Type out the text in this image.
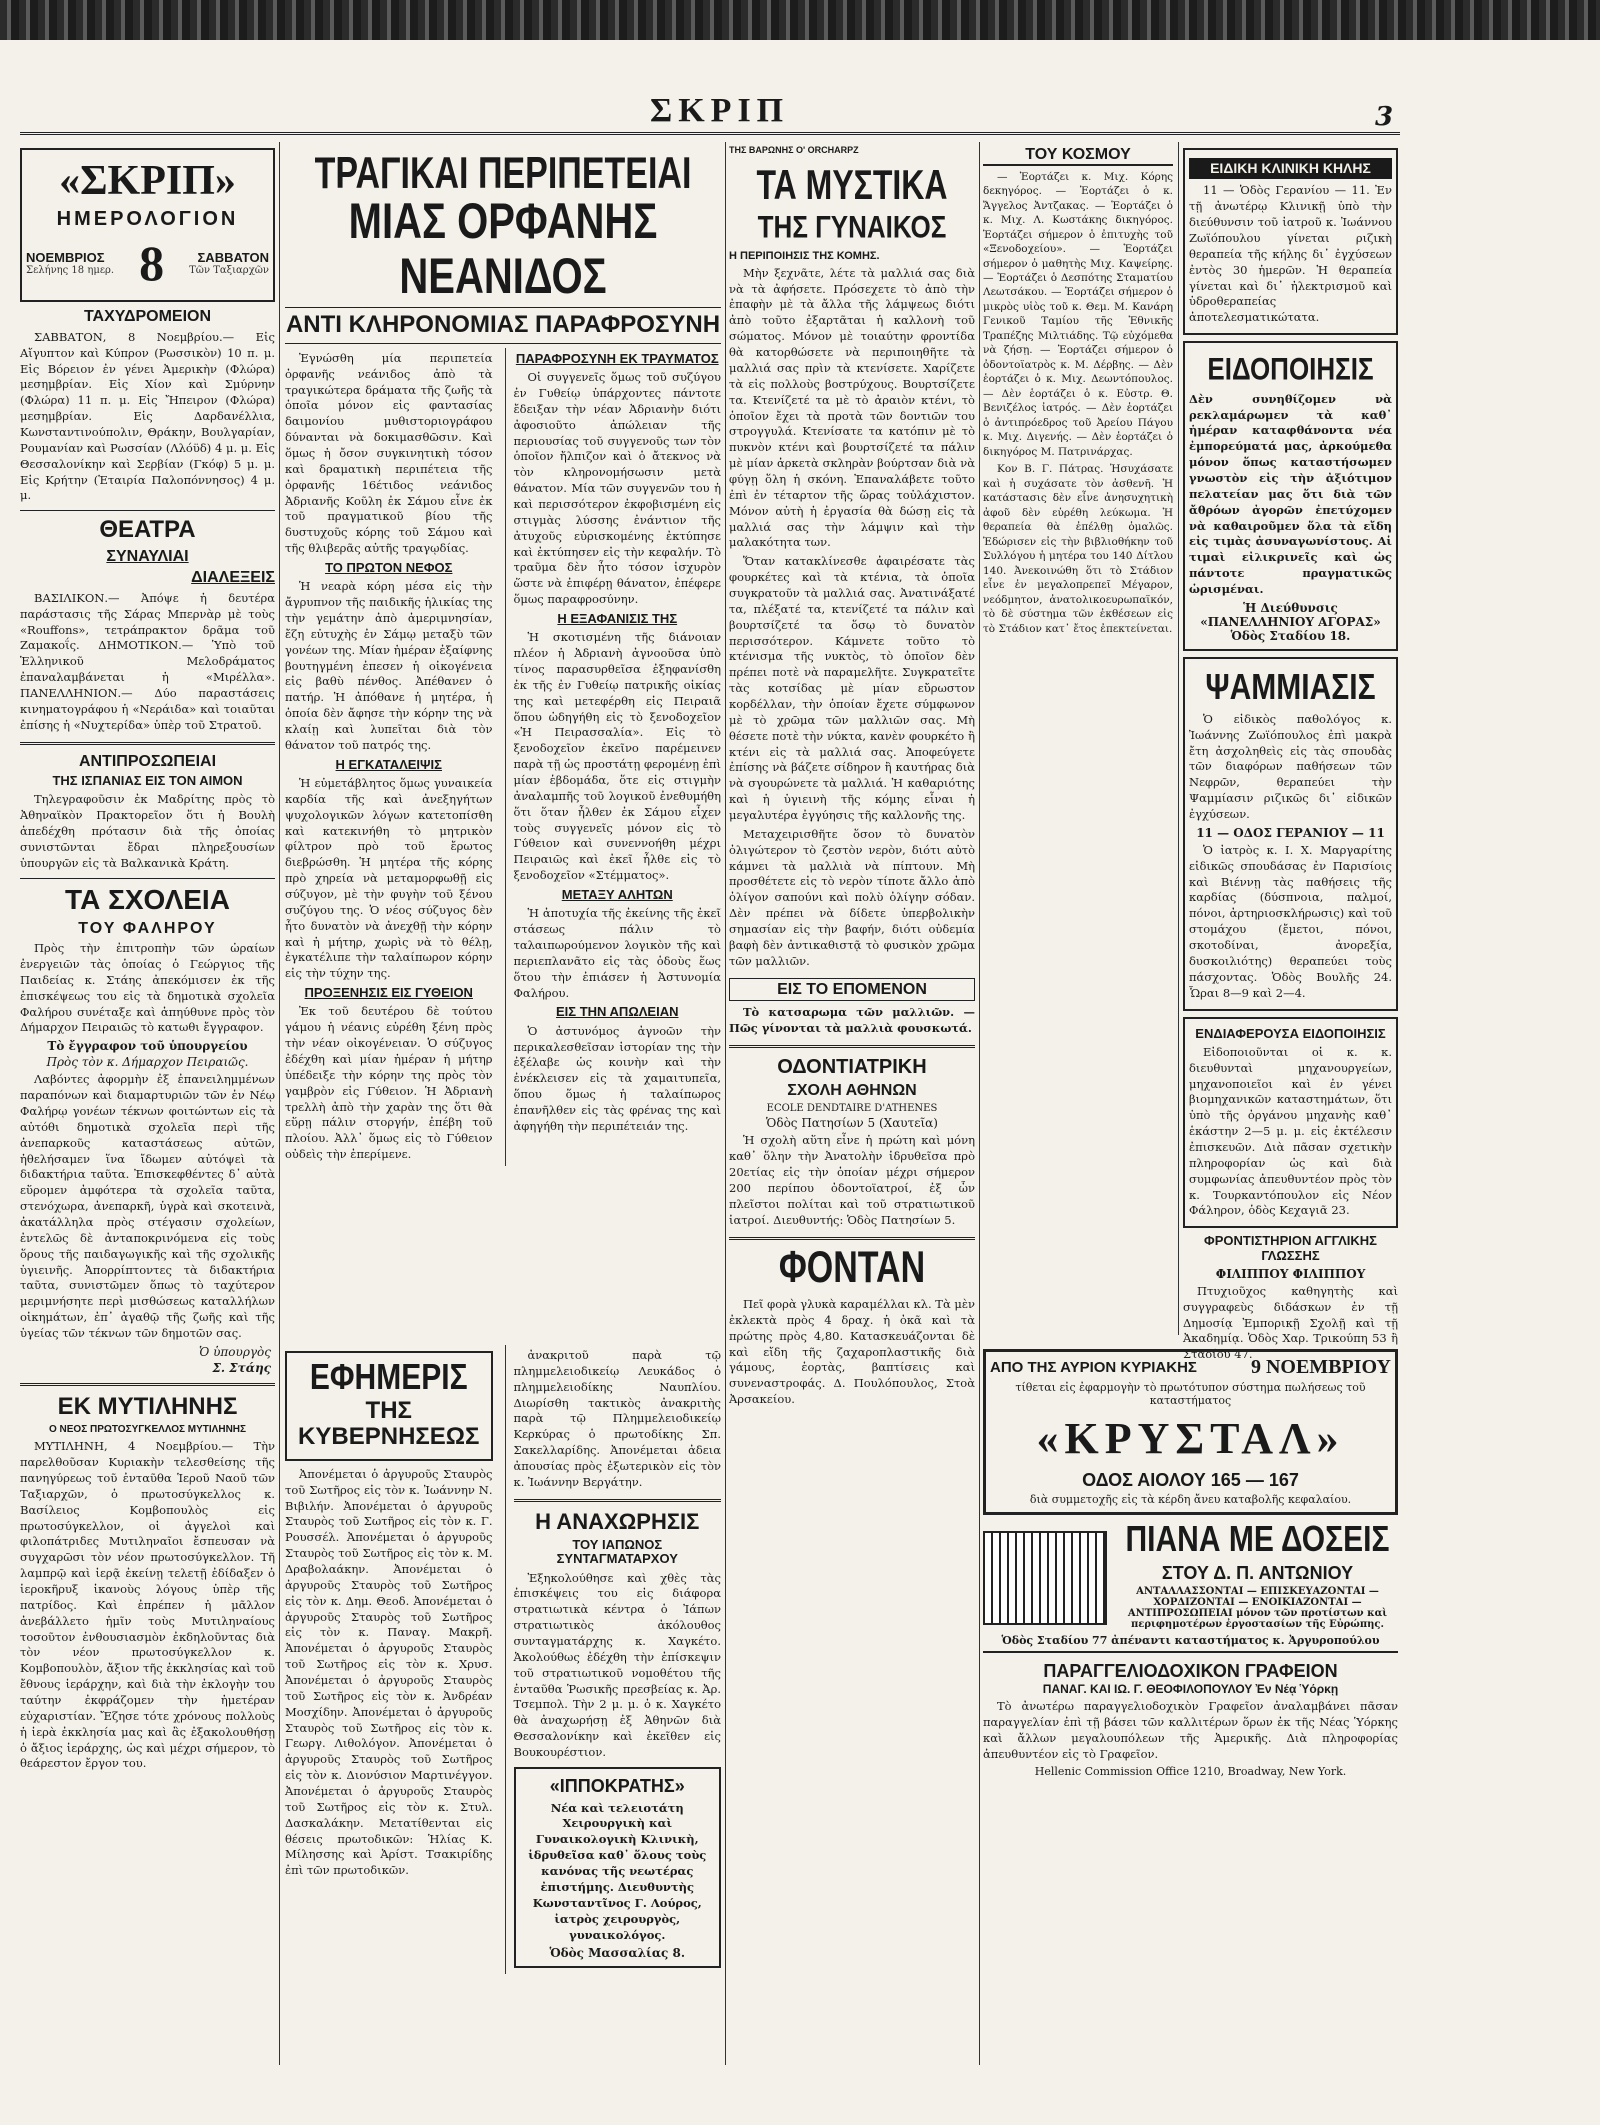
ΣΚΡΙΠ	3
«ΣΚΡΙΠ»
ΗΜΕΡΟΛΟΓΙΟΝ
ΝΟΕΜΒΡΙΟΣ
Σελήνης 18 ημερ. 8	ΣΑΒΒΑΤΟΝ
Τῶν Ταξιαρχῶν
ΤΑΧΥΔΡΟΜΕΙΟΝ
ΣΑΒΒΑΤΟΝ, 8 Νοεμβρίου.— Εἰς Αἴγυπτον καὶ Κύπρον (Ρωσσικὸν) 10 π. μ. Εἰς Βόρειον ἐν γένει Ἀμερικὴν (Φλώρα) μεσημβρίαν. Εἰς Χίον καὶ Σμύρνην (Φλώρα) 11 π. μ. Εἰς Ἤπειρον (Φλώρα) μεσημβρίαν. Εἰς Δαρδανέλλια, Κωνσταντινούπολιν, Θράκην, Βουλγαρίαν, Ρουμανίαν καὶ Ρωσσίαν (Λλόϋδ) 4 μ. μ. Εἰς Θεσσαλονίκην καὶ Σερβίαν (Γκόφ) 5 μ. μ. Εἰς Κρήτην (Ἑταιρία Παλοπόννησος) 4 μ. μ.
ΘΕΑΤΡΑ
ΣΥΝΑΥΛΙΑΙ
ΔΙΑΛΕΞΕΙΣ
ΒΑΣΙΛΙΚΟΝ.— Ἀπόψε ἡ δευτέρα παράστασις τῆς Σάρας Μπερνὰρ μὲ τοὺς «Rouffons», τετράπρακτον δρᾶμα τοῦ Ζαμακοΐς. ΔΗΜΟΤΙΚΟΝ.— Ὑπὸ τοῦ Ἑλληνικοῦ Μελοδράματος ἐπαναλαμβάνεται ἡ «Μιρέλλα». ΠΑΝΕΛΛΗΝΙΟΝ.— Δύο παραστάσεις κινηματογράφου ἡ «Νεράιδα» καὶ τοιαῦται ἐπίσης ἡ «Νυχτερίδα» ὑπὲρ τοῦ Στρατοῦ.
ΑΝΤΙΠΡΟΣΩΠΕΙΑΙ
ΤΗΣ ΙΣΠΑΝΙΑΣ ΕΙΣ ΤΟΝ ΑΙΜΟΝ
Τηλεγραφοῦσιν ἐκ Μαδρίτης πρὸς τὸ Ἀθηναϊκὸν Πρακτορεῖον ὅτι ἡ Βουλὴ ἀπεδέχθη πρότασιν διὰ τῆς ὁποίας συνιστῶνται ἔδραι πληρεξουσίων ὑπουργῶν εἰς τὰ Βαλκανικὰ Κράτη.
ΤΑ ΣΧΟΛΕΙΑ
ΤΟΥ ΦΑΛΗΡΟΥ
Πρὸς τὴν ἐπιτροπὴν τῶν ὡραίων ἐνεργειῶν τὰς ὁποίας ὁ Γεώργιος τῆς Παιδείας κ. Στάης ἀπεκόμισεν ἐκ τῆς ἐπισκέψεως του εἰς τὰ δημοτικὰ σχολεῖα Φαλήρου συνέταξε καὶ ἀπηύθυνε πρὸς τὸν Δήμαρχον Πειραιῶς τὸ κατωθι ἔγγραφον.
Τὸ ἔγγραφον τοῦ ὑπουργείου
Πρὸς τὸν κ. Δήμαρχον Πειραιῶς.
Λαβόντες ἀφορμὴν ἐξ ἐπανειλημμένων παραπόνων καὶ διαμαρτυριῶν τῶν ἐν Νέῳ Φαλήρῳ γονέων τέκνων φοιτώντων εἰς τὰ αὐτόθι δημοτικὰ σχολεῖα περὶ τῆς ἀνεπαρκοῦς καταστάσεως αὐτῶν, ἠθελήσαμεν ἵνα ἴδωμεν αὐτόψεὶ τὰ διδακτήρια ταῦτα. Ἐπισκεφθέντες δ᾽ αὐτὰ εὕρομεν ἀμφότερα τὰ σχολεῖα ταῦτα, στενόχωρα, ἀνεπαρκῆ, ὑγρὰ καὶ σκοτεινὰ, ἀκατάλληλα πρὸς στέγασιν σχολείων, ἐντελῶς δὲ ἀνταποκρινόμενα εἰς τοὺς ὅρους τῆς παιδαγωγικῆς καὶ τῆς σχολικῆς ὑγιεινῆς. Ἀπορρίπτοντες τὰ διδακτήρια ταῦτα, συνιστῶμεν ὅπως τὸ ταχύτερον μεριμνήσητε περὶ μισθώσεως καταλλήλων οἰκημάτων, ἐπ᾽ ἀγαθῷ τῆς ζωῆς καὶ τῆς ὑγείας τῶν τέκνων τῶν δημοτῶν σας.
Ὁ ὑπουργὸς
Σ. Στάης
ΕΚ ΜΥΤΙΛΗΝΗΣ
Ο ΝΕΟΣ ΠΡΩΤΟΣΥΓΚΕΛΛΟΣ ΜΥΤΙΛΗΝΗΣ
ΜΥΤΙΛΗΝΗ, 4 Νοεμβρίου.— Τὴν παρελθοῦσαν Κυριακὴν τελεσθείσης τῆς πανηγύρεως τοῦ ἐνταῦθα Ἱεροῦ Ναοῦ τῶν Ταξιαρχῶν, ὁ πρωτοσύγκελλος κ. Βασίλειος Κομβοπουλὸς εἰς πρωτοσύγκελλον, οἱ ἀγγελοὶ καὶ φιλοπάτριδες Μυτιληναῖοι ἔσπευσαν νὰ συγχαρῶσι τὸν νέον πρωτοσύγκελλον. Τῆ λαμπρῷ καὶ ἱερᾷ ἐκείνῃ τελετῇ ἐδίδαξεν ὁ ἱεροκῆρυξ ἱκανοὺς λόγους ὑπὲρ τῆς πατρίδος. Καὶ ἐπρέπεν ἡ μᾶλλον ἀνεβάλλετο ἡμῖν τοὺς Μυτιληναίους τοσοῦτον ἐνθουσιασμὸν ἐκδηλοῦντας διὰ τὸν νέον πρωτοσύγκελλον κ. Κομβοπουλὸν, ἄξιον τῆς ἐκκλησίας καὶ τοῦ ἔθνους ἱεράρχην, καὶ διὰ τὴν ἐκλογὴν του ταύτην ἐκφράζομεν τὴν ἡμετέραν εὐχαριστίαν. Ἔζησε τότε χρόνους πολλοὺς ἡ ἱερὰ ἐκκλησία μας καὶ ἂς ἐξακολουθήσῃ ὁ ἄξιος ἱεράρχης, ὡς καὶ μέχρι σήμερον, τὸ θεάρεστον ἔργον του.
ΤΡΑΓΙΚΑΙ ΠΕΡΙΠΕΤΕΙΑΙ
ΜΙΑΣ ΟΡΦΑΝΗΣ ΝΕΑΝΙΔΟΣ
ΑΝΤΙ ΚΛΗΡΟΝΟΜΙΑΣ ΠΑΡΑΦΡΟΣΥΝΗ
Ἐγνώσθη μία περιπετεία ὀρφανῆς νεάνιδος ἀπὸ τὰ τραγικώτερα δράματα τῆς ζωῆς τὰ ὁποῖα μόνον εἰς φαντασίας δαιμονίου μυθιστοριογράφου δύνανται νὰ δοκιμασθῶσιν. Καὶ ὅμως ἡ ὄσον συγκινητικὴ τόσον καὶ δραματικὴ περιπέτεια τῆς ὀρφανῆς 16έτιδος νεάνιδος Ἀδριανῆς Κοῦλη ἐκ Σάμου εἶνε ἐκ τοῦ πραγματικοῦ βίου τῆς δυστυχοῦς κόρης τοῦ Σάμου καὶ τῆς θλιβερᾶς αὐτῆς τραγῳδίας.
ΤΟ ΠΡΩΤΟΝ ΝΕΦΟΣ
Ἡ νεαρὰ κόρη μέσα εἰς τὴν ἄγρυπνον τῆς παιδικῆς ἡλικίας της τὴν γεμάτην ἀπὸ ἀμεριμνησίαν, ἔζη εὐτυχὴς ἐν Σάμῳ μεταξὺ τῶν γονέων της. Μίαν ἡμέραν ἐξαίφνης βουτηγμένη ἐπεσεν ἡ οἰκογένεια εἰς βαθὺ πένθος. Ἀπέθανεν ὁ πατήρ. Ἡ ἀπόθανε ἡ μητέρα, ἡ ὁποία δὲν ἄφησε τὴν κόρην της νὰ κλαίῃ καὶ λυπεῖται διὰ τὸν θάνατον τοῦ πατρός της.
Η ΕΓΚΑΤΑΛΕΙΨΙΣ
Ἡ εὐμετάβλητος ὅμως γυναικεία καρδία τῆς καὶ ἀνεξηγήτων ψυχολογικῶν λόγων κατετοπίσθη καὶ κατεκινήθη τὸ μητρικὸν φίλτρον πρὸ τοῦ ἔρωτος διεβρώσθη. Ἡ μητέρα τῆς κόρης πρὸ χηρεία νὰ μεταμορφωθῇ εἰς σύζυγον, μὲ τὴν φυγὴν τοῦ ξένου συζύγου της. Ὁ νέος σύζυγος δὲν ἦτο δυνατὸν νὰ ἀνεχθῇ τὴν κόρην καὶ ἡ μήτηρ, χωρὶς νὰ τὸ θέλῃ, ἐγκατέλιπε τὴν ταλαίπωρον κόρην εἰς τὴν τύχην της.
ΠΡΟΞΕΝΗΣΙΣ ΕΙΣ ΓΥΘΕΙΟΝ
Ἐκ τοῦ δευτέρου δὲ τούτου γάμου ἡ νέανις εὐρέθη ξένη πρὸς τὴν νέαν οἰκογένειαν. Ὁ σύζυγος ἐδέχθη καὶ μίαν ἡμέραν ἡ μήτηρ ὑπέδειξε τὴν κόρην της πρὸς τὸν γαμβρὸν εἰς Γύθειον. Ἡ Ἀδριανὴ τρελλὴ ἀπὸ τὴν χαρὰν της ὅτι θὰ εὕρῃ πάλιν στοργήν, ἐπέβη τοῦ πλοίου. Ἀλλ᾽ ὅμως εἰς τὸ Γύθειον οὐδεὶς τὴν ἐπερίμενε.
ΠΑΡΑΦΡΟΣΥΝΗ ΕΚ ΤΡΑΥΜΑΤΟΣ
Οἱ συγγενεῖς ὅμως τοῦ συζύγου ἐν Γυθείῳ ὑπάρχοντες πάντοτε ἔδειξαν τὴν νέαν Ἀδριανὴν διότι ἀφοσιοῦτο ἀπώλειαν τῆς περιουσίας τοῦ συγγενοῦς των τὸν ὁποῖον ἤλπιζον καὶ ὁ ἄτεκνος νὰ τὸν κληρονομήσωσιν μετὰ θάνατον. Μία τῶν συγγενῶν του ἡ καὶ περισσότερον ἐκφοβισμένη εἰς στιγμὰς λύσσης ἐνάντιον τῆς ἀτυχοῦς εὐρισκομένης ἐκτύπησε καὶ ἐκτύπησεν εἰς τὴν κεφαλήν. Τὸ τραῦμα δὲν ἦτο τόσον ἰσχυρὸν ὥστε νὰ ἐπιφέρῃ θάνατον, ἐπέφερε ὅμως παραφροσύνην.
Η ΕΞΑΦΑΝΙΣΙΣ ΤΗΣ
Ἡ σκοτισμένη τῆς διάνοιαν πλέον ἡ Ἀδριανὴ ἀγνοοῦσα ὑπὸ τίνος παρασυρθεῖσα ἐξηφανίσθη ἐκ τῆς ἐν Γυθείῳ πατρικῆς οἰκίας της καὶ μετεφέρθη εἰς Πειραιᾶ ὅπου ὡδηγήθη εἰς τὸ ξενοδοχεῖον «Ἡ Πειρασσαλία». Εἰς τὸ ξενοδοχεῖον ἐκεῖνο παρέμεινεν παρὰ τῇ ὡς προστάτῃ φερομένῃ ἐπὶ μίαν ἑβδομάδα, ὅτε εἰς στιγμὴν ἀναλαμπῆς τοῦ λογικοῦ ἐνεθυμήθη ὅτι ὅταν ἦλθεν ἐκ Σάμου εἶχεν τοὺς συγγενεῖς μόνον εἰς τὸ Γύθειον καὶ συνεννοήθη μέχρι Πειραιῶς καὶ ἐκεῖ ἦλθε εἰς τὸ ξενοδοχεῖον «Στέμματος».
ΜΕΤΑΞΥ ΑΛΗΤΩΝ
Ἡ ἀποτυχία τῆς ἐκείνης τῆς ἐκεῖ στάσεως πάλιν τὸ ταλαιπωρούμενον λογικὸν τῆς καὶ περιεπλανᾶτο εἰς τὰς ὁδοὺς ἕως ὅτου τὴν ἐπιάσεν ἡ Ἀστυνομία Φαλήρου.
ΕΙΣ ΤΗΝ ΑΠΩΛΕΙΑΝ
Ὁ ἀστυνόμος ἀγνοῶν τὴν περικαλεσθεῖσαν ἱστορίαν της τὴν ἐξέλαβε ὡς κοινὴν καὶ τὴν ἐνέκλεισεν εἰς τὰ χαμαιτυπεῖα, ὅπου ὅμως ἡ ταλαίπωρος ἐπανῆλθεν εἰς τὰς φρένας της καὶ ἀφηγήθη τὴν περιπέτειάν της.
ΕΦΗΜΕΡΙΣ
ΤΗΣ ΚΥΒΕΡΝΗΣΕΩΣ
Ἀπονέμεται ὁ ἀργυροῦς Σταυρὸς τοῦ Σωτῆρος εἰς τὸν κ. Ἰωάννην Ν. Βιβιλήν. Ἀπονέμεται ὁ ἀργυροῦς Σταυρὸς τοῦ Σωτῆρος εἰς τὸν κ. Γ. Ρουσσέλ. Ἀπονέμεται ὁ ἀργυροῦς Σταυρὸς τοῦ Σωτῆρος εἰς τὸν κ. Μ. Δραβολαάκην. Ἀπονέμεται ὁ ἀργυροῦς Σταυρὸς τοῦ Σωτῆρος εἰς τὸν κ. Δημ. Θεοδ. Ἀπονέμεται ὁ ἀργυροῦς Σταυρὸς τοῦ Σωτῆρος εἰς τὸν κ. Παναγ. Μακρῆ. Ἀπονέμεται ὁ ἀργυροῦς Σταυρὸς τοῦ Σωτῆρος εἰς τὸν κ. Χρυσ. Ἀπονέμεται ὁ ἀργυροῦς Σταυρὸς τοῦ Σωτῆρος εἰς τὸν κ. Ἀνδρέαν Μοσχίδην. Ἀπονέμεται ὁ ἀργυροῦς Σταυρὸς τοῦ Σωτῆρος εἰς τὸν κ. Γεωργ. Λιθολόγον. Ἀπονέμεται ὁ ἀργυροῦς Σταυρὸς τοῦ Σωτῆρος εἰς τὸν κ. Διονύσιον Μαρτινέγγον. Ἀπονέμεται ὁ ἀργυροῦς Σταυρὸς τοῦ Σωτῆρος εἰς τὸν κ. Στυλ. Δασκαλάκην. Μετατίθενται εἰς θέσεις πρωτοδικῶν: Ἡλίας Κ. Μίλησσης καὶ Ἀρίστ. Τσακιρίδης ἐπὶ τῶν πρωτοδικῶν.
ἀνακριτοῦ παρὰ τῷ πλημμελειοδικείῳ Λευκάδος ὁ πλημμελειοδίκης Ναυπλίου. Διωρίσθη τακτικὸς ἀνακριτὴς παρὰ τῷ Πλημμελειοδικείῳ Κερκύρας ὁ πρωτοδίκης Σπ. Σακελλαρίδης. Ἀπονέμεται ἀδεια ἀπουσίας πρὸς ἐξωτερικὸν εἰς τὸν κ. Ἰωάννην Βεργάτην.
Η ΑΝΑΧΩΡΗΣΙΣ
ΤΟΥ ΙΑΠΩΝΟΣ ΣΥΝΤΑΓΜΑΤΑΡΧΟΥ
Ἐξηκολούθησε καὶ χθὲς τὰς ἐπισκέψεις του εἰς διάφορα στρατιωτικὰ κέντρα ὁ Ἰάπων στρατιωτικὸς ἀκόλουθος συνταγματάρχης κ. Χαγκέτο. Ἀκολούθως ἐδέχθη τὴν ἐπίσκεψιν τοῦ στρατιωτικοῦ νομοθέτου τῆς ἐνταῦθα Ῥωσικῆς πρεσβείας κ. Ἀρ. Τσεμπολ. Τὴν 2 μ. μ. ὁ κ. Χαγκέτο θὰ ἀναχωρήσῃ ἐξ Ἀθηνῶν διὰ Θεσσαλονίκην καὶ ἐκεῖθεν εἰς Βουκουρέστιον.
«ΙΠΠΟΚΡΑΤΗΣ»
Νέα καὶ τελειοτάτη Χειρουργικὴ καὶ Γυναικολογικὴ Κλινικὴ, ἱδρυθεῖσα καθ᾽ ὅλους τοὺς κανόνας τῆς νεωτέρας ἐπιστήμης. Διευθυντὴς Κωνσταντῖνος Γ. Λούρος, ἰατρὸς χειρουργὸς, γυναικολόγος.
Ὁδὸς Μασσαλίας 8.
ΤΗΣ ΒΑΡΩΝΗΣ Ο' ORCHARPZ
ΤΑ ΜΥΣΤΙΚΑ
ΤΗΣ ΓΥΝΑΙΚΟΣ
Η ΠΕΡΙΠΟΙΗΣΙΣ ΤΗΣ ΚΟΜΗΣ.
Μὴν ξεχνᾶτε, λέτε τὰ μαλλιά σας διὰ νὰ τὰ ἀφήσετε. Πρόσεχετε τὸ ἀπὸ τὴν ἐπαφὴν μὲ τὰ ἄλλα τῆς λάμψεως διότι ἀπὸ τοῦτο ἐξαρτᾶται ἡ καλλονὴ τοῦ σώματος. Μόνον μὲ τοιαύτην φροντίδα θὰ κατορθώσετε νὰ περιποιηθῆτε τὰ μαλλιά σας πρὶν τὰ κτενίσετε. Χαρίζετε τὰ εἰς πολλοὺς βοστρύχους. Βουρτσίζετε τα. Κτενίζετέ τα μὲ τὸ ἀραιὸν κτένι, τὸ ὁποῖον ἔχει τὰ προτὰ τῶν δοντιῶν του στρογγυλά. Κτενίσατε τα κατόπιν μὲ τὸ πυκνὸν κτένι καὶ βουρτσίζετέ τα πάλιν μὲ μίαν ἀρκετὰ σκληρὰν βούρτσαν διὰ νὰ φύγῃ ὅλη ἡ σκόνη. Ἐπαναλάβετε τοῦτο ἐπὶ ἐν τέταρτον τῆς ὥρας τοὐλάχιστον. Μόνον αὐτὴ ἡ ἐργασία θὰ δώσῃ εἰς τὰ μαλλιά σας τὴν λάμψιν καὶ τὴν μαλακότητα των.
Ὅταν κατακλίνεσθε ἀφαιρέσατε τὰς φουρκέτες καὶ τὰ κτένια, τὰ ὁποῖα συγκρατοῦν τὰ μαλλιά σας. Ἀνατινάξατέ τα, πλέξατέ τα, κτενίζετέ τα πάλιν καὶ βουρτσίζετέ τα ὅσῳ τὸ δυνατὸν περισσότερον. Κάμνετε τοῦτο τὸ κτένισμα τῆς νυκτὸς, τὸ ὁποῖον δὲν πρέπει ποτὲ νὰ παραμελῆτε. Συγκρατεῖτε τὰς κοτσίδας μὲ μίαν εὔρωστον κορδέλλαν, τὴν ὁποίαν ἔχετε σύμφωνον μὲ τὸ χρῶμα τῶν μαλλιῶν σας. Μὴ θέσετε ποτὲ τὴν νύκτα, κανὲν φουρκέτο ἢ κτένι εἰς τὰ μαλλιά σας. Ἀποφεύγετε ἐπίσης νὰ βάζετε σίδηρον ἢ καυτήρας διὰ νὰ σγουρώνετε τὰ μαλλιά. Ἡ καθαριότης καὶ ἡ ὑγιεινὴ τῆς κόμης εἶναι ἡ μεγαλυτέρα ἐγγύησις τῆς καλλονῆς της.
Μεταχειρισθῆτε ὅσον τὸ δυνατὸν ὀλιγώτερον τὸ ζεστὸν νερὸν, διότι αὐτὸ κάμνει τὰ μαλλιὰ νὰ πίπτουν. Μὴ προσθέτετε εἰς τὸ νερὸν τίποτε ἄλλο ἀπὸ ὀλίγον σαπούνι καὶ πολὺ ὀλίγην σόδαν. Δὲν πρέπει νὰ δίδετε ὑπερβολικὴν σημασίαν εἰς τὴν βαφήν, διότι οὐδεμία βαφὴ δὲν ἀντικαθιστᾷ τὸ φυσικὸν χρῶμα τῶν μαλλιῶν.
ΕΙΣ ΤΟ ΕΠΟΜΕΝΟΝ
Τὸ κατσαρωμα τῶν μαλλιῶν. — Πῶς γίνονται τὰ μαλλιὰ φουσκωτά.
ΟΔΟΝΤΙΑΤΡΙΚΗ
ΣΧΟΛΗ ΑΘΗΝΩΝ
ECOLE DENDTAIRE D'ATHENES
Ὁδὸς Πατησίων 5 (Χαυτεῖα)
Ἡ σχολὴ αὕτη εἶνε ἡ πρώτη καὶ μόνη καθ᾽ ὅλην τὴν Ἀνατολὴν ἱδρυθεῖσα πρὸ 20ετίας εἰς τὴν ὁποίαν μέχρι σήμερον 200 περίπου ὀδοντοϊατροί, ἐξ ὧν πλεῖστοι πολίται καὶ τοῦ στρατιωτικοῦ ἰατροί. Διευθυντής: Ὁδὸς Πατησίων 5.
ΦΟΝΤΑΝ
Πεῖ φορὰ γλυκὰ καραμέλλαι κλ. Τὰ μὲν ἐκλεκτὰ πρὸς 4 δραχ. ἡ ὀκᾶ καὶ τὰ πρώτης πρὸς 4,80. Κατασκευάζονται δὲ καὶ εἴδη τῆς ζαχαροπλαστικῆς διὰ γάμους, ἑορτὰς, βαπτίσεις καὶ συνεναστροφάς. Δ. Πουλόπουλος, Στοὰ Ἀρσακείου.
ΤΟΥ ΚΟΣΜΟΥ
— Ἑορτάζει κ. Μιχ. Κόρης δεκηγόρος. — Ἑορτάζει ὁ κ. Ἄγγελος Ἀντζακας. — Ἑορτάζει ὁ κ. Μιχ. Λ. Κωστάκης δικηγόρος. Ἑορτάζει σήμερον ὁ ἐπιτυχὴς τοῦ «Ξενοδοχείου». — Ἑορτάζει σήμερον ὁ μαθητὴς Μιχ. Καψείρης. — Ἑορτάζει ὁ Δεσπότης Σταματίου Λεωτσάκου. — Ἑορτάζει σήμερον ὁ μικρὸς υἱὸς τοῦ κ. Θεμ. Μ. Κανάρη Γενικοῦ Ταμίου τῆς Ἐθνικῆς Τραπέζης Μιλτιάδης. Τῷ εὐχόμεθα νὰ ζήσῃ. — Ἑορτάζει σήμερον ὁ ὀδοντοϊατρὸς κ. Μ. Δέρβης. — Δὲν ἑορτάζει ὁ κ. Μιχ. Δεωντόπουλος. — Δὲν ἑορτάζει ὁ κ. Εὐστρ. Θ. Βενιζέλος ἰατρός. — Δὲν ἑορτάζει ὁ ἀντιπρόεδρος τοῦ Ἀρείου Πάγου κ. Μιχ. Διγενής. — Δὲν ἑορτάζει ὁ δικηγόρος Μ. Πατρινάρχας.
Κον Β. Γ. Πάτρας. Ἠσυχάσατε καὶ ἡ συχάσατε τὸν ἀσθενῆ. Ἡ κατάστασις δὲν εἶνε ἀνησυχητικὴ ἀφοῦ δὲν εὑρέθη λεύκωμα. Ἡ θεραπεία θὰ ἐπέλθῃ ὁμαλῶς. Ἐδώρισεν εἰς τὴν βιβλιοθήκην τοῦ Συλλόγου ἡ μητέρα του 140 Δίτλου 140. Ἀνεκοινώθη ὅτι τὸ Στάδιον εἶνε ἐν μεγαλοπρεπεῖ Μέγαρον, νεόδμητον, ἀνατολικοευρωπαϊκόν, τὸ δὲ σύστημα τῶν ἐκθέσεων εἰς τὸ Στάδιον κατ᾽ ἔτος ἐπεκτείνεται.
ΕΙΔΙΚΗ ΚΛΙΝΙΚΗ ΚΗΛΗΣ
11 — Ὁδὸς Γερανίου — 11. Ἐν τῇ ἀνωτέρῳ Κλινικῇ ὑπὸ τὴν διεύθυνσιν τοῦ ἰατροῦ κ. Ἰωάννου Ζωϊόπουλου γίνεται ριζικὴ θεραπεία τῆς κήλης δι᾽ ἐγχύσεων ἐντὸς 30 ἡμερῶν. Ἡ θεραπεία γίνεται καὶ δι᾽ ἠλεκτρισμοῦ καὶ ὑδροθεραπείας ἀποτελεσματικώτατα.
ΕΙΔΟΠΟΙΗΣΙΣ
Δὲν συνηθίζομεν νὰ ρεκλαμάρωμεν τὰ καθ᾽ ἡμέραν καταφθάνοντα νέα ἐμπορεύματά μας, ἀρκούμεθα μόνον ὅπως καταστήσωμεν γνωστὸν εἰς τὴν ἀξιότιμον πελατείαν μας ὅτι διὰ τῶν ἄθρόων ἀγορῶν ἐπετύχομεν νὰ καθαιροῦμεν ὅλα τὰ εἴδη εἰς τιμὰς ἀσυναγωνίστους. Αἱ τιμαὶ εἰλικρινεῖς καὶ ὡς πάντοτε πραγματικῶς ὡρισμέναι.
Ἡ Διεύθυνσις «ΠΑΝΕΛΛΗΝΙΟΥ ΑΓΟΡΑΣ» Ὁδὸς Σταδίου 18.
ΨΑΜΜΙΑΣΙΣ
Ὁ εἰδικὸς παθολόγος κ. Ἰωάννης Ζωϊόπουλος ἐπὶ μακρὰ ἔτη ἀσχοληθεὶς εἰς τὰς σπουδὰς τῶν διαφόρων παθήσεων τῶν Νεφρῶν, θεραπεύει τὴν Ψαμμίασιν ριζικῶς δι᾽ εἰδικῶν ἐγχύσεων.
11 — ΟΔΟΣ ΓΕΡΑΝΙΟΥ — 11
Ὁ ἰατρὸς κ. Ι. Χ. Μαργαρίτης εἰδικῶς σπουδάσας ἐν Παρισίοις καὶ Βιέννῃ τὰς παθήσεις τῆς καρδίας (δύσπνοια, παλμοί, πόνοι, ἀρτηριοσκλήρωσις) καὶ τοῦ στομάχου (ἔμετοι, πόνοι, σκοτοδίναι, ἀνορεξία, δυσκοιλιότης) θεραπεύει τοὺς πάσχοντας. Ὁδὸς Βουλῆς 24. Ὧραι 8—9 καὶ 2—4.
ΕΝΔΙΑΦΕΡΟΥΣΑ ΕΙΔΟΠΟΙΗΣΙΣ
Εἰδοποιοῦνται οἱ κ. κ. διευθυνταὶ μηχανουργείων, μηχανοποιεῖοι καὶ ἐν γένει βιομηχανικῶν καταστημάτων, ὅτι ὑπὸ τῆς ὀργάνου μηχανὴς καθ᾽ ἑκάστην 2—5 μ. μ. εἰς ἐκτέλεσιν ἐπισκευῶν. Διὰ πᾶσαν σχετικὴν πληροφορίαν ὡς καὶ διὰ συμφωνίας ἀπευθυντέον πρὸς τὸν κ. Τουρκαντόπουλον εἰς Νέον Φάληρον, ὁδὸς Κεχαγιᾶ 23.
ΦΡΟΝΤΙΣΤΗΡΙΟΝ ΑΓΓΛΙΚΗΣ ΓΛΩΣΣΗΣ
ΦΙΛΙΠΠΟΥ ΦΙΛΙΠΠΟΥ
Πτυχιοῦχος καθηγητὴς καὶ συγγραφεὺς διδάσκων ἐν τῇ Δημοσίᾳ Ἐμπορικῇ Σχολῇ καὶ τῇ Ἀκαδημίᾳ. Ὁδὸς Χαρ. Τρικούπη 53 ἢ Σταδίου 47.
ΑΠΟ ΤΗΣ ΑΥΡΙΟΝ ΚΥΡΙΑΚΗΣ	9 ΝΟΕΜΒΡΙΟΥ
τίθεται εἰς ἐφαρμογὴν τὸ πρωτότυπον σύστημα πωλήσεως τοῦ καταστήματος
«ΚΡΥΣΤΑΛ»
ΟΔΟΣ ΑΙΟΛΟΥ 165 — 167
διὰ συμμετοχῆς εἰς τὰ κέρδη ἄνευ καταβολῆς κεφαλαίου.
ΠΙΑΝΑ ΜΕ ΔΟΣΕΙΣ
ΣΤΟΥ Δ. Π. ΑΝΤΩΝΙΟΥ
ΑΝΤΑΛΛΑΣΣΟΝΤΑΙ — ΕΠΙΣΚΕΥΑΖΟΝΤΑΙ — ΧΟΡΔΙΖΟΝΤΑΙ — ΕΝΟΙΚΙΑΖΟΝΤΑΙ — ΑΝΤΙΠΡΟΣΩΠΕΙΑΙ μόνον τῶν προτίστων καὶ περιφημοτέρων ἐργοστασίων τῆς Εὐρώπης.
Ὁδὸς Σταδίου 77 ἀπέναντι καταστήματος κ. Ἀργυροπούλου
ΠΑΡΑΓΓΕΛΙΟΔΟΧΙΚΟΝ ΓΡΑΦΕΙΟΝ
ΠΑΝΑΓ. ΚΑΙ ΙΩ. Γ. ΘΕΟΦΙΛΟΠΟΥΛΟΥ Ἐν Νέᾳ Ὑόρκῃ
Τὸ ἀνωτέρω παραγγελιοδοχικὸν Γραφεῖον ἀναλαμβάνει πᾶσαν παραγγελίαν ἐπὶ τῇ βάσει τῶν καλλιτέρων ὅρων ἐκ τῆς Νέας Ὑόρκης καὶ ἄλλων μεγαλουπόλεων τῆς Ἀμερικῆς. Διὰ πληροφορίας ἀπευθυντέον εἰς τὸ Γραφεῖον.
Hellenic Commission Office 1210, Broadway, New York.
